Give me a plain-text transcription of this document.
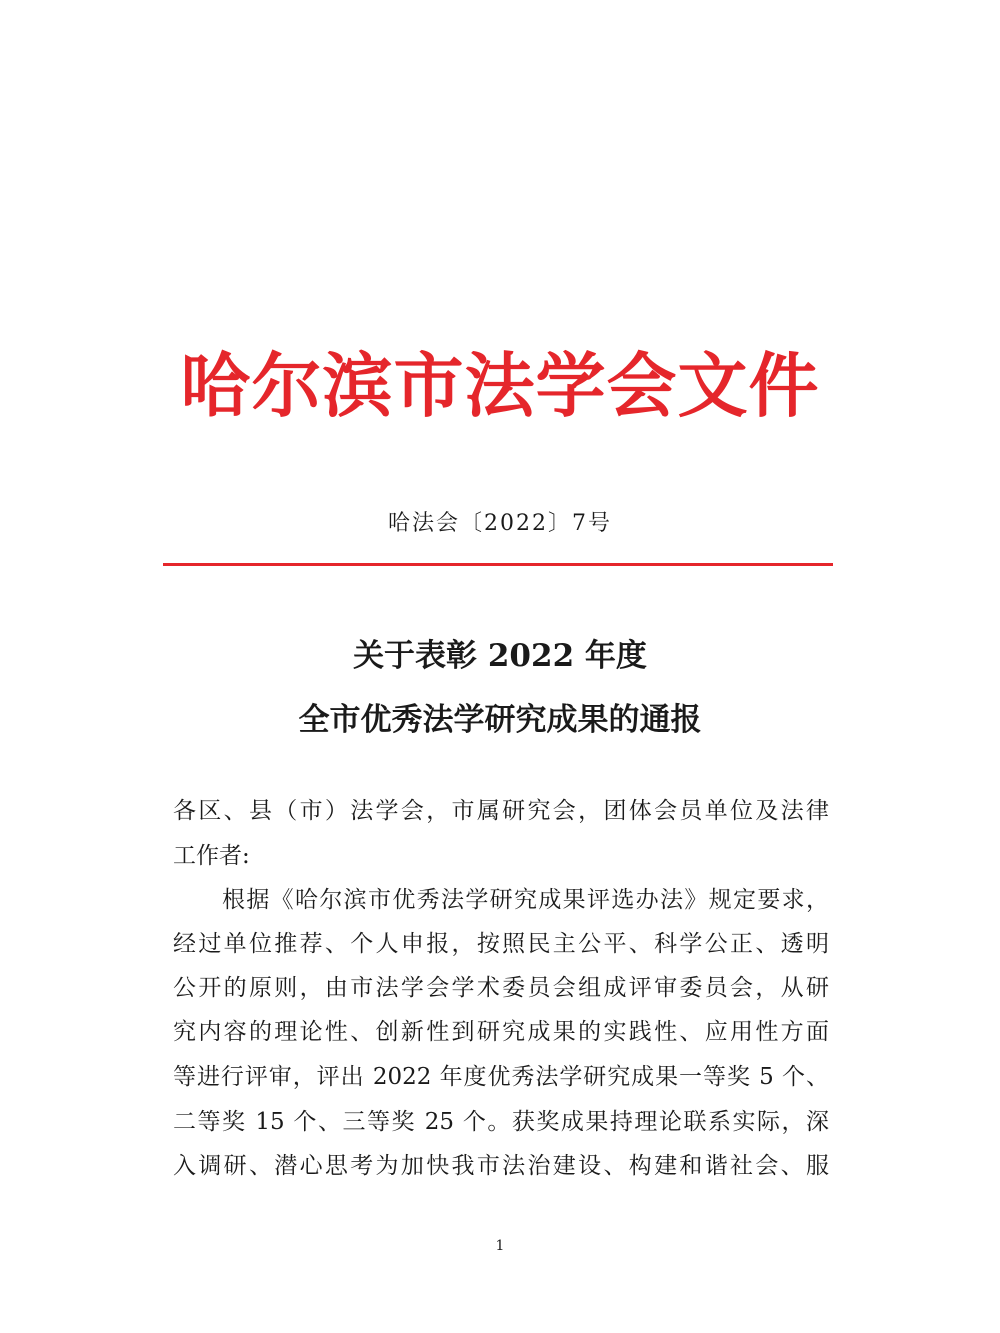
哈尔滨市法学会文件
哈法会〔2022〕7号
关于表彰 2022 年度
全市优秀法学研究成果的通报
各区、县（市）法学会，市属研究会，团体会员单位及法律
工作者:
根据《哈尔滨市优秀法学研究成果评选办法》规定要求，
经过单位推荐、个人申报，按照民主公平、科学公正、透明
公开的原则，由市法学会学术委员会组成评审委员会，从研
究内容的理论性、创新性到研究成果的实践性、应用性方面
等进行评审，评出 2022 年度优秀法学研究成果一等奖 5 个、
二等奖 15 个、三等奖 25 个。获奖成果持理论联系实际，深
入调研、潜心思考为加快我市法治建设、构建和谐社会、服
1
